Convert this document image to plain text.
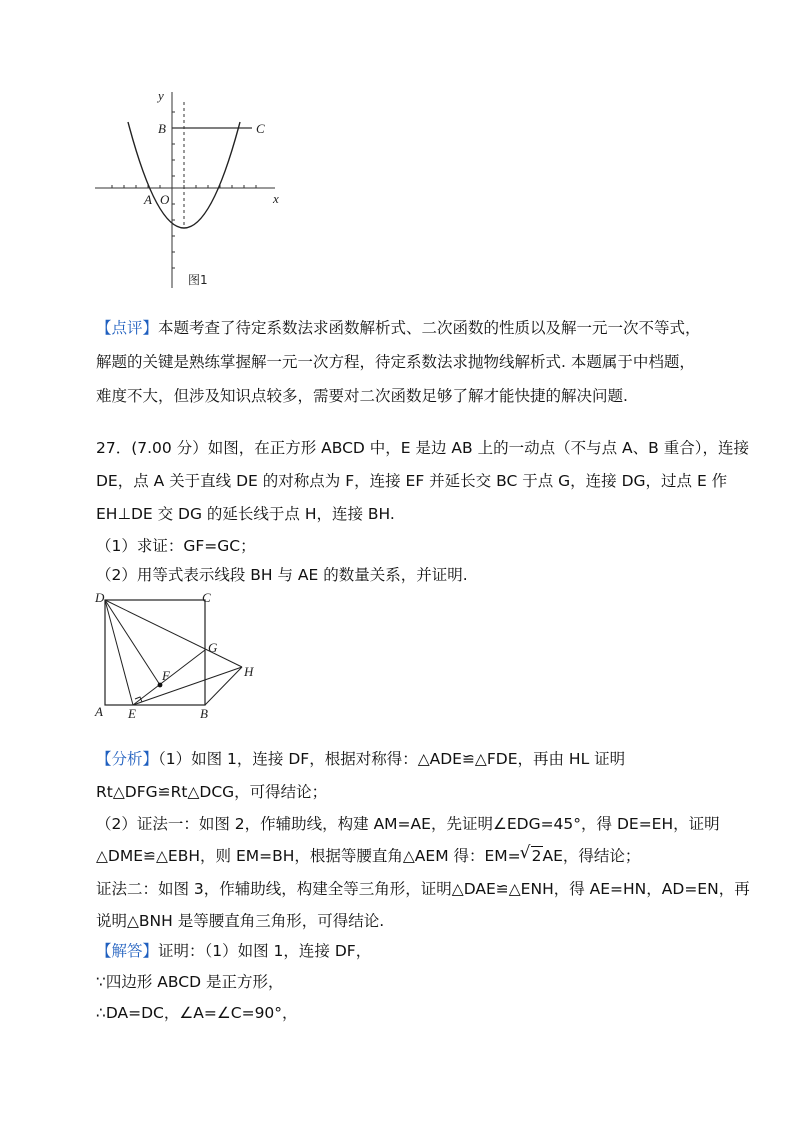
y
x
B	C
A O
图1
【点评】本题考查了待定系数法求函数解析式、二次函数的性质以及解一元一次不等式，
解题的关键是熟练掌握解一元一次方程，待定系数法求抛物线解析式. 本题属于中档题，
难度不大，但涉及知识点较多，需要对二次函数足够了解才能快捷的解决问题.
27．(7.00 分）如图，在正方形 ABCD 中，E 是边 AB 上的一动点（不与点 A、B 重合），连接
DE，点 A 关于直线 DE 的对称点为 F，连接 EF 并延长交 BC 于点 G，连接 DG，过点 E 作
EH⊥DE 交 DG 的延长线于点 H，连接 BH.
（1）求证：GF=GC；
（2）用等式表示线段 BH 与 AE 的数量关系，并证明.
D	C
G
H
F
A E	B
【分析】（1）如图 1，连接 DF，根据对称得：△ADE≌△FDE，再由 HL 证明
Rt△DFG≌Rt△DCG，可得结论；
（2）证法一：如图 2，作辅助线，构建 AM=AE，先证明∠EDG=45°，得 DE=EH，证明
△DME≌△EBH，则 EM=BH，根据等腰直角△AEM 得：EM=√ 2AE，得结论；
证法二：如图 3，作辅助线，构建全等三角形，证明△DAE≌△ENH，得 AE=HN，AD=EN，再
说明△BNH 是等腰直角三角形，可得结论.
【解答】证明：（1）如图 1，连接 DF，
∵四边形 ABCD 是正方形，
∴DA=DC，∠A=∠C=90°，
